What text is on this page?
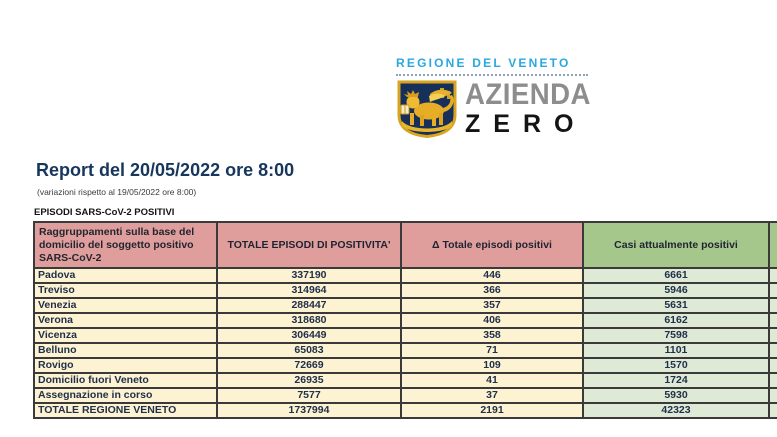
REGIONE DEL VENETO
AZIENDA
ZERO
Report del 20/05/2022 ore 8:00
(variazioni rispetto al 19/05/2022 ore 8:00)
EPISODI SARS-CoV-2 POSITIVI
Raggruppamenti sulla base del domicilio del soggetto positivo SARS-CoV-2	TOTALE EPISODI DI POSITIVITA'	Δ Totale episodi positivi	Casi attualmente positivi	
Padova	337190	446	6661	
Treviso	314964	366	5946	
Venezia	288447	357	5631	
Verona	318680	406	6162	
Vicenza	306449	358	7598	
Belluno	65083	71	1101	
Rovigo	72669	109	1570	
Domicilio fuori Veneto	26935	41	1724	
Assegnazione in corso	7577	37	5930	
TOTALE REGIONE VENETO	1737994	2191	42323	
